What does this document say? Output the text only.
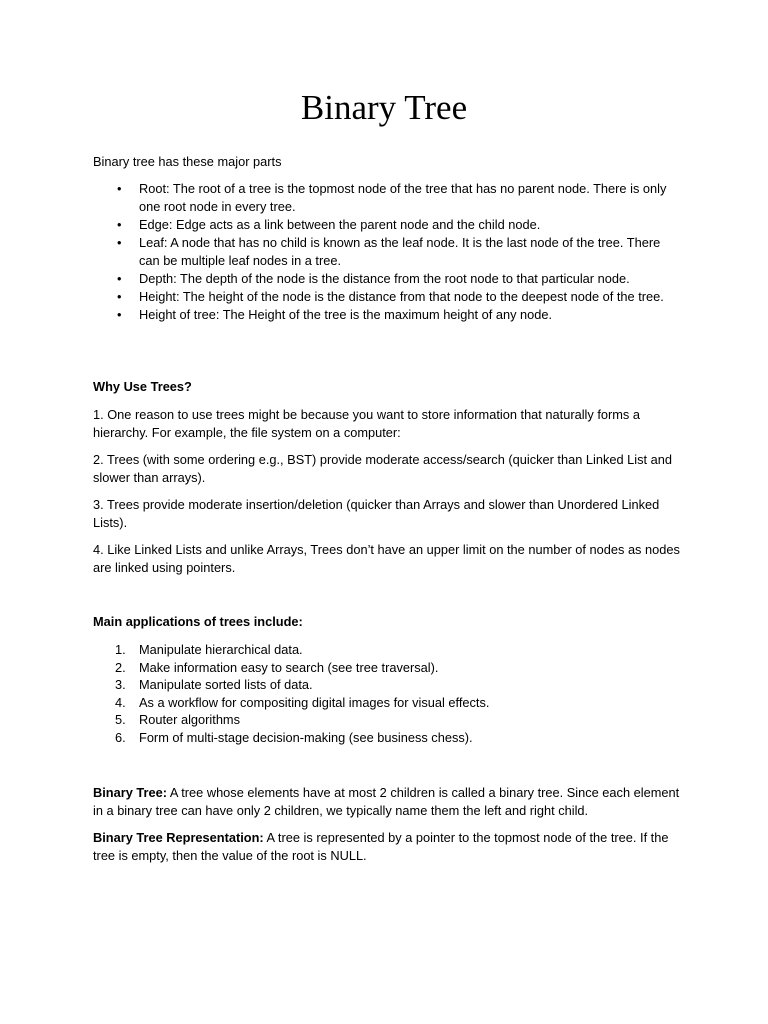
Binary Tree

Binary tree has these major parts

• Root: The root of a tree is the topmost node of the tree that has no parent node. There is only one root node in every tree.
• Edge: Edge acts as a link between the parent node and the child node.
• Leaf: A node that has no child is known as the leaf node. It is the last node of the tree. There can be multiple leaf nodes in a tree.
• Depth: The depth of the node is the distance from the root node to that particular node.
• Height: The height of the node is the distance from that node to the deepest node of the tree.
• Height of tree: The Height of the tree is the maximum height of any node.

Why Use Trees?

1. One reason to use trees might be because you want to store information that naturally forms a hierarchy. For example, the file system on a computer:

2. Trees (with some ordering e.g., BST) provide moderate access/search (quicker than Linked List and slower than arrays).

3. Trees provide moderate insertion/deletion (quicker than Arrays and slower than Unordered Linked Lists).

4. Like Linked Lists and unlike Arrays, Trees don’t have an upper limit on the number of nodes as nodes are linked using pointers.

Main applications of trees include:

1. Manipulate hierarchical data.
2. Make information easy to search (see tree traversal).
3. Manipulate sorted lists of data.
4. As a workflow for compositing digital images for visual effects.
5. Router algorithms
6. Form of multi-stage decision-making (see business chess).

Binary Tree: A tree whose elements have at most 2 children is called a binary tree. Since each element in a binary tree can have only 2 children, we typically name them the left and right child.

Binary Tree Representation: A tree is represented by a pointer to the topmost node of the tree. If the tree is empty, then the value of the root is NULL.
